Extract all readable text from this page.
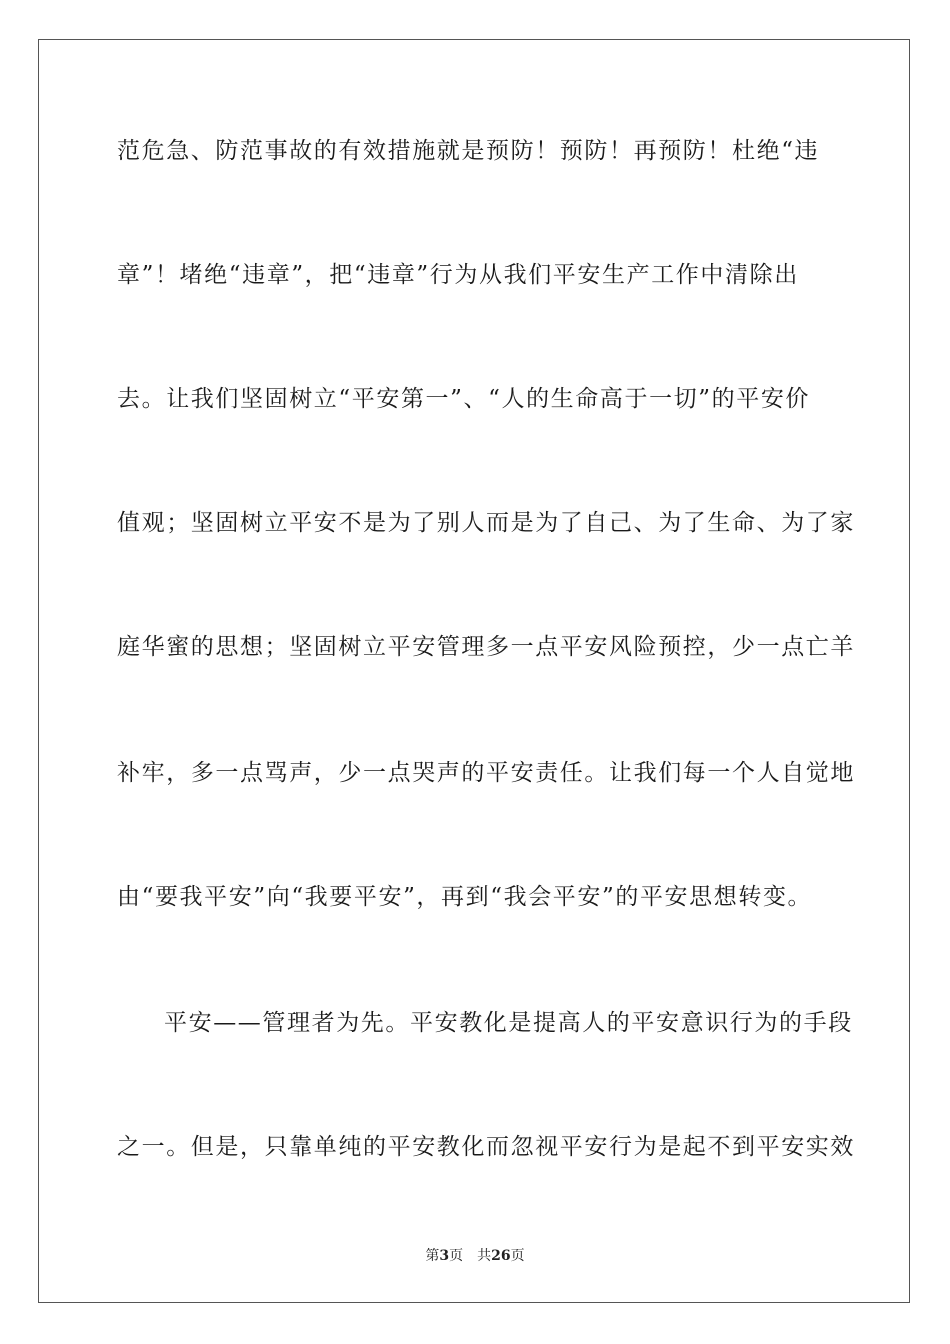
范危急、防范事故的有效措施就是预防！预防！再预防！杜绝“违
章”！堵绝“违章”，把“违章”行为从我们平安生产工作中清除出
去。让我们坚固树立“平安第一”、“人的生命高于一切”的平安价
值观；坚固树立平安不是为了别人而是为了自己、为了生命、为了家
庭华蜜的思想；坚固树立平安管理多一点平安风险预控，少一点亡羊
补牢，多一点骂声，少一点哭声的平安责任。让我们每一个人自觉地
由“要我平安”向“我要平安”，再到“我会平安”的平安思想转变。
平安——管理者为先。平安教化是提高人的平安意识行为的手段
之一。但是，只靠单纯的平安教化而忽视平安行为是起不到平安实效
第3页 共26页
